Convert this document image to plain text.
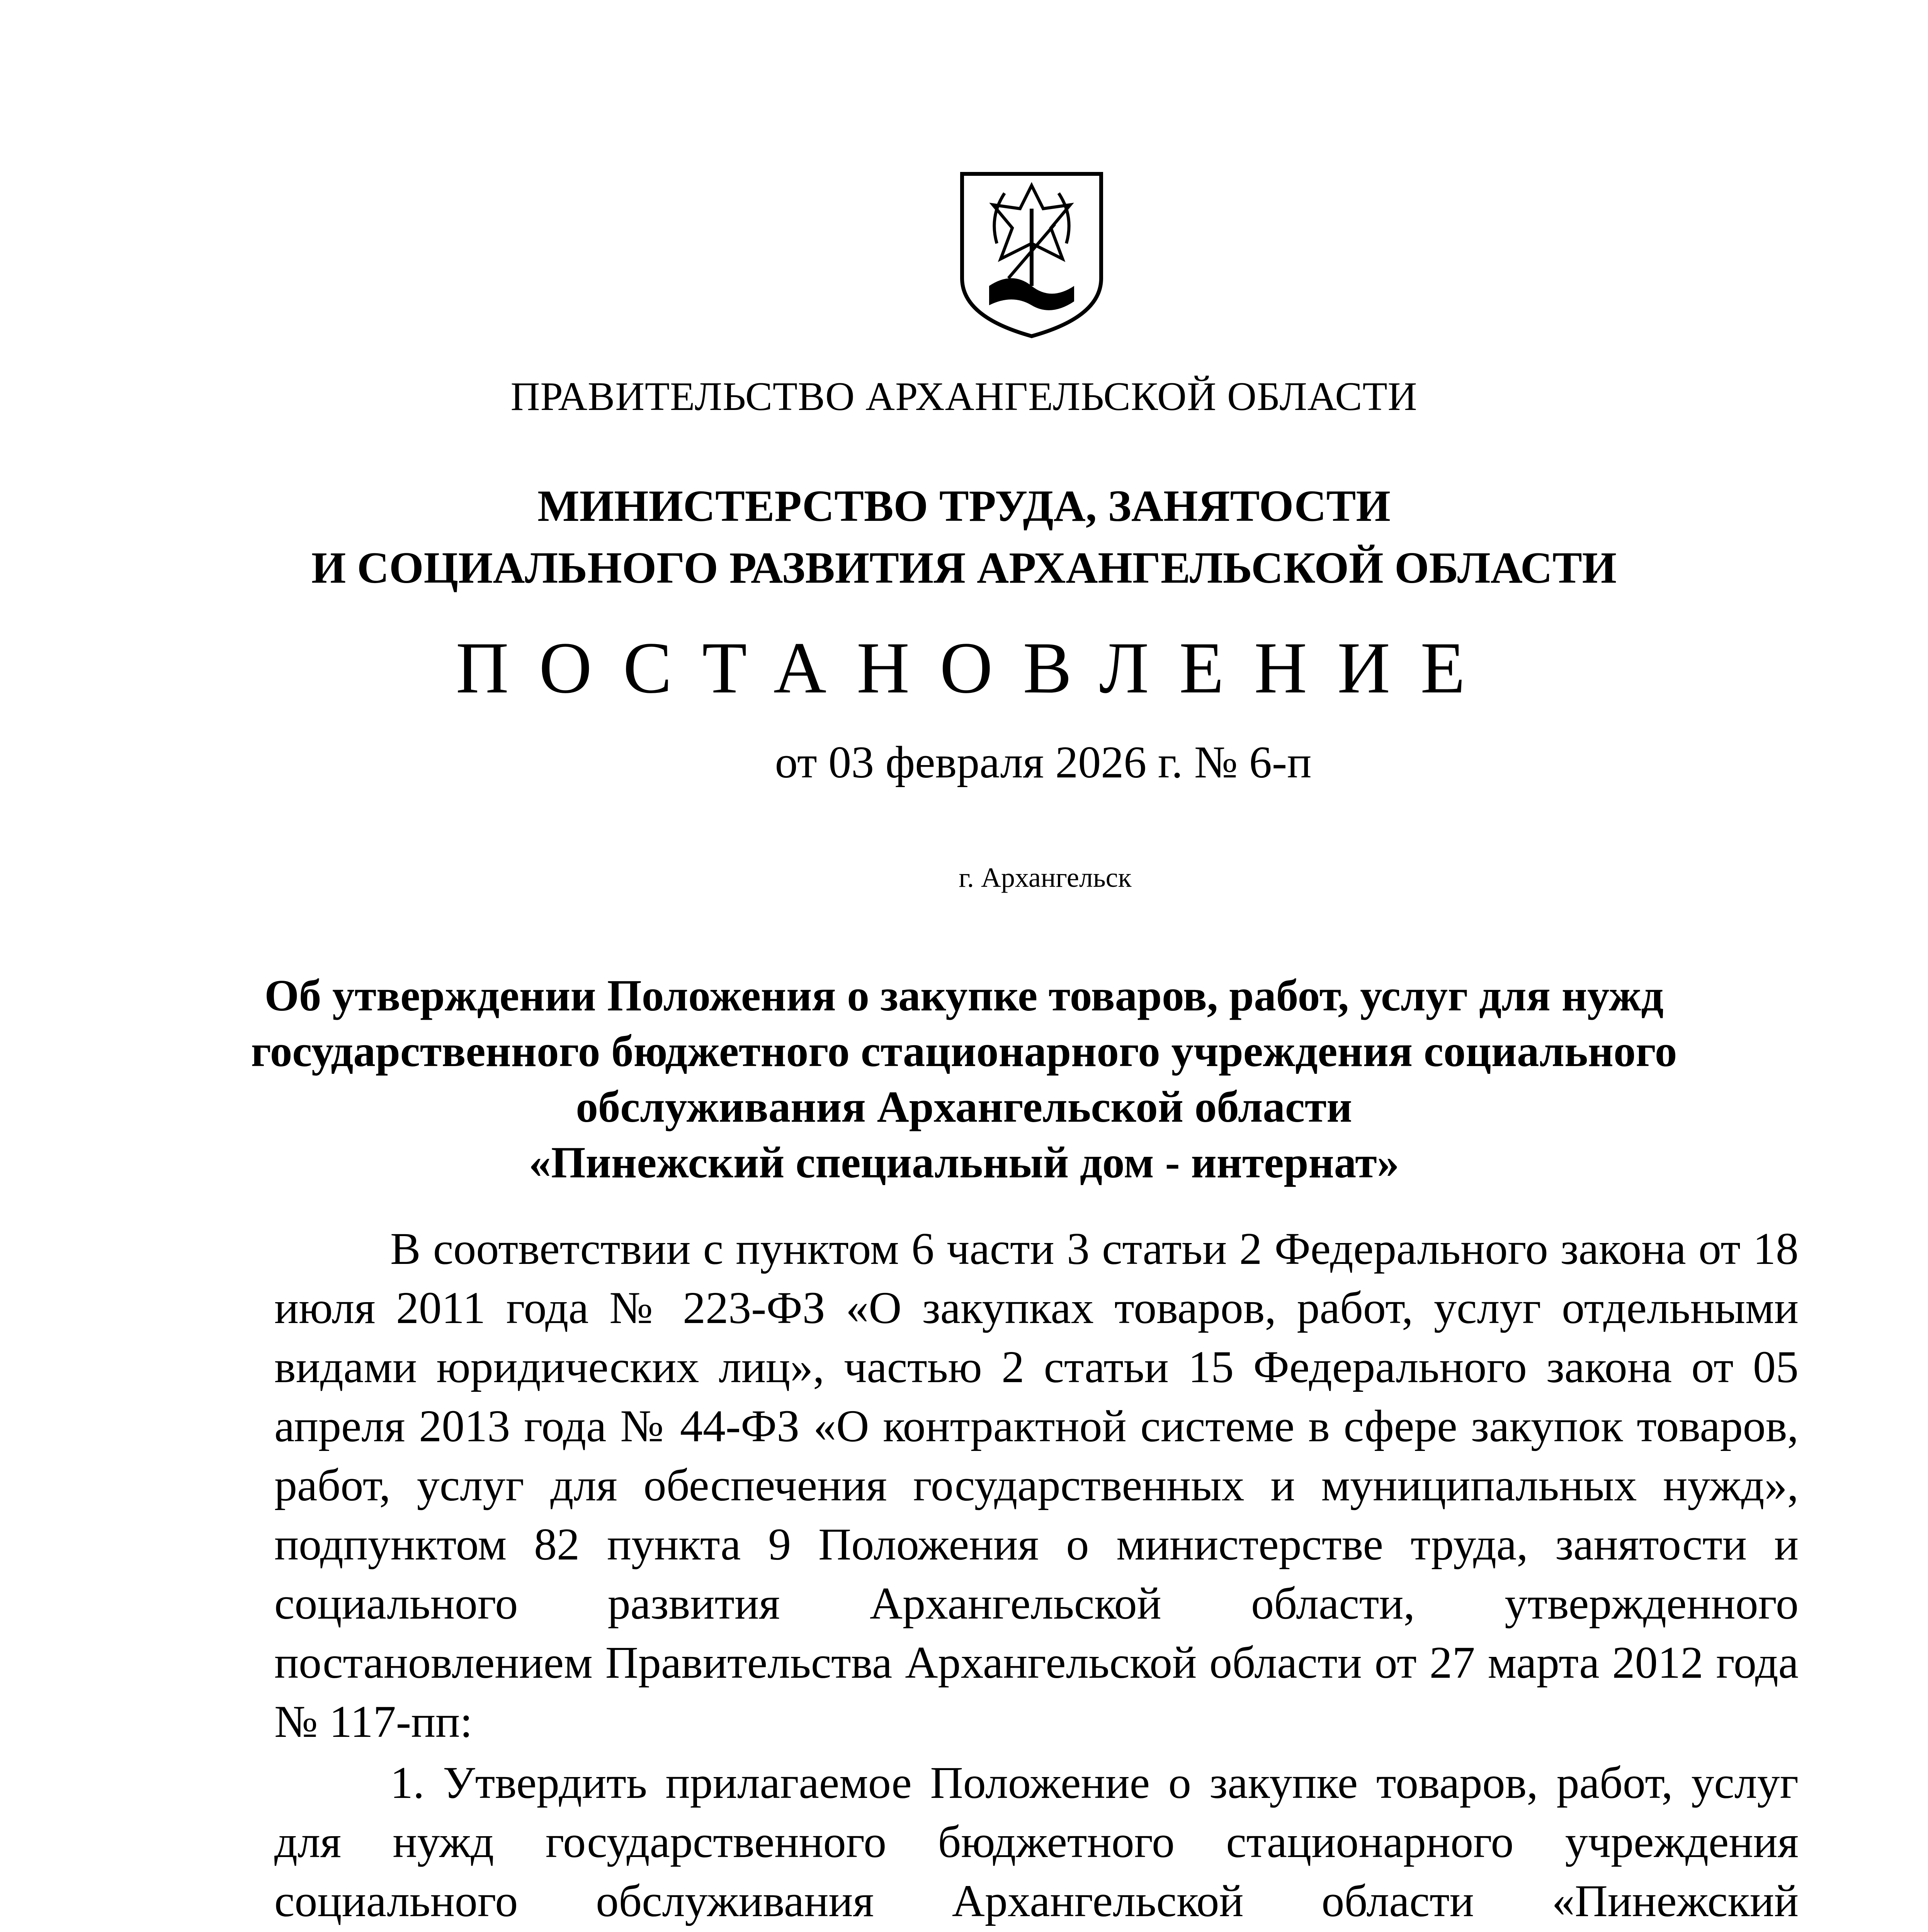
ПРАВИТЕЛЬСТВО АРХАНГЕЛЬСКОЙ ОБЛАСТИ
МИНИСТЕРСТВО ТРУДА, ЗАНЯТОСТИ
И СОЦИАЛЬНОГО РАЗВИТИЯ АРХАНГЕЛЬСКОЙ ОБЛАСТИ
ПОСТАНОВЛЕНИЕ
от 03 февраля 2026 г. № 6-п
г. Архангельск
Об утверждении Положения о закупке товаров, работ, услуг для нужд
государственного бюджетного стационарного учреждения социального
обслуживания Архангельской области
«Пинежский специальный дом - интернат»

В соответствии с пунктом 6 части 3 статьи 2 Федерального закона от 18 июля 2011 года № 223-ФЗ «О закупках товаров, работ, услуг отдельными видами юридических лиц», частью 2 статьи 15 Федерального закона от 05 апреля 2013 года № 44-ФЗ «О контрактной системе в сфере закупок товаров, работ, услуг для обеспечения государственных и муниципальных нужд», подпунктом 82 пункта 9 Положения о министерстве труда, занятости и социального развития Архангельской области, утвержденного постановлением Правительства Архангельской области от 27 марта 2012 года № 117-пп:

1. Утвердить прилагаемое Положение о закупке товаров, работ, услуг для нужд государственного бюджетного стационарного учреждения социального обслуживания Архангельской области «Пинежский
